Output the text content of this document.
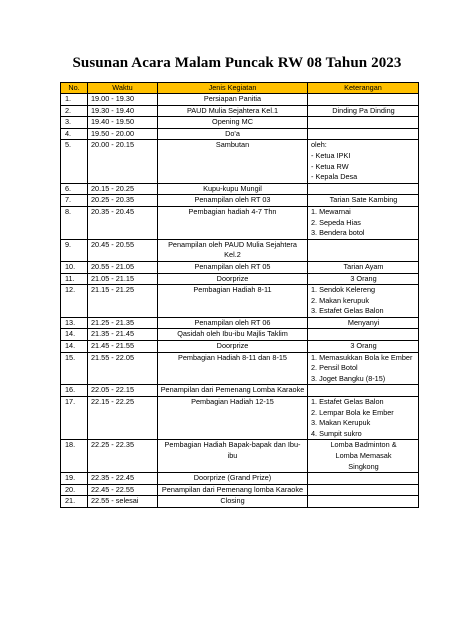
Susunan Acara Malam Puncak RW 08 Tahun 2023
No.	Waktu	Jenis Kegiatan	Keterangan
1.	19.00 - 19.30	Persiapan Panitia	

2.	19.30 - 19.40	PAUD Mulia Sejahtera Kel.1	Dinding Pa Dinding

3.	19.40 - 19.50	Opening MC	

4.	19.50 - 20.00	Do'a	

5.	20.00 - 20.15	Sambutan	oleh:
- Ketua IPKI
- Ketua RW
- Kepala Desa

6.	20.15 - 20.25	Kupu-kupu Mungil	

7.	20.25 - 20.35	Penampilan oleh RT 03	Tarian Sate Kambing

8.	20.35 - 20.45	Pembagian hadiah 4-7 Thn	1. Mewarnai
2. Sepeda Hias
3. Bendera botol

9.	20.45 - 20.55	Penampilan oleh PAUD Mulia Sejahtera Kel.2	

10.	20.55 - 21.05	Penampilan oleh RT 05	Tarian Ayam

11.	21.05 - 21.15	Doorprize	3 Orang

12.	21.15 - 21.25	Pembagian Hadiah 8-11	1. Sendok Kelereng
2. Makan kerupuk
3. Estafet Gelas Balon

13.	21.25 - 21.35	Penampilan oleh RT 06	Menyanyi

14.	21.35 - 21.45	Qasidah oleh Ibu-ibu Majlis Taklim	

14.	21.45 - 21.55	Doorprize	3 Orang

15.	21.55 - 22.05	Pembagian Hadiah 8-11 dan 8-15	1. Memasukkan Bola ke Ember
2. Pensil Botol
3. Joget Bangku (8-15)

16.	22.05 - 22.15	Penampilan dari Pemenang Lomba Karaoke	

17.	22.15 - 22.25	Pembagian Hadiah 12-15	1. Estafet Gelas Balon
2. Lempar Bola ke Ember
3. Makan Kerupuk
4. Sumpit sukro

18.	22.25 - 22.35	Pembagian Hadiah Bapak-bapak dan Ibu-ibu	Lomba Badminton &
Lomba Memasak
Singkong

19.	22.35 - 22.45	Doorprize (Grand Prize)	

20.	22.45 - 22.55	Penampilan dari Pemenang lomba Karaoke	

21.	22.55 - selesai	Closing	
